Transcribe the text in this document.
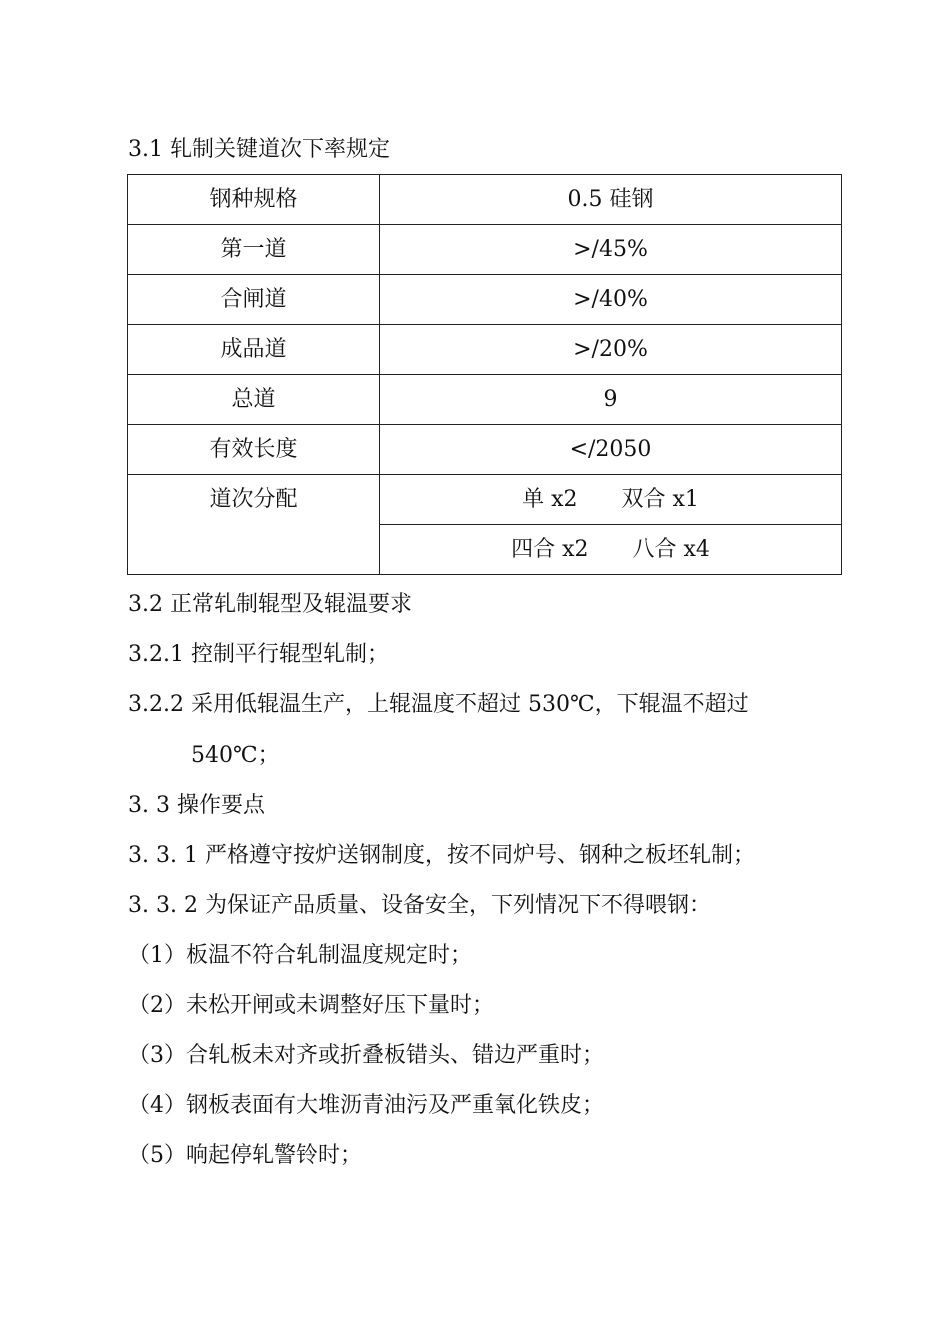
3.1 轧制关键道次下率规定
钢种规格	0.5 硅钢
第一道	>/45%
合闸道	>/40%
成品道	>/20%
总道	9
有效长度	</2050
道次分配	单 x2 双合 x1
	四合 x2 八合 x4
3.2 正常轧制辊型及辊温要求
3.2.1 控制平行辊型轧制；
3.2.2 采用低辊温生产，上辊温度不超过 530℃，下辊温不超过
540℃；
3. 3 操作要点
3. 3. 1 严格遵守按炉送钢制度，按不同炉号、钢种之板坯轧制；
3. 3. 2 为保证产品质量、设备安全，下列情况下不得喂钢：
（1）板温不符合轧制温度规定时；
（2）未松开闸或未调整好压下量时；
（3）合轧板未对齐或折叠板错头、错边严重时；
（4）钢板表面有大堆沥青油污及严重氧化铁皮；
（5）响起停轧警铃时；
